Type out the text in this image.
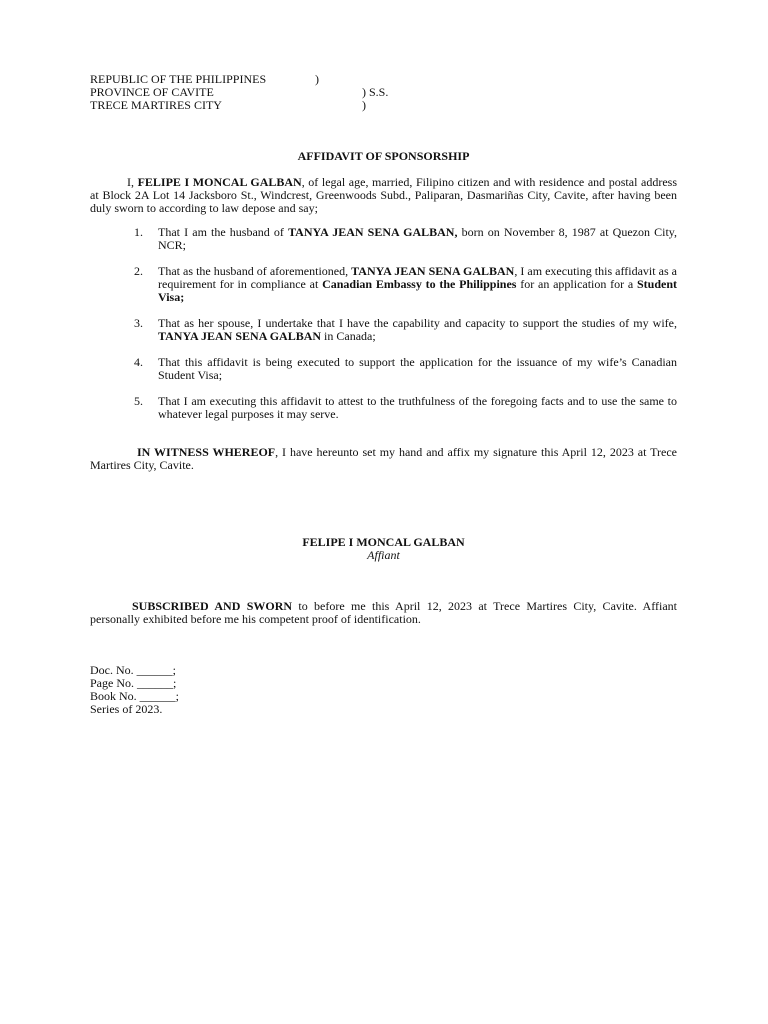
REPUBLIC OF THE PHILIPPINES	)
PROVINCE OF CAVITE	) S.S.
TRECE MARTIRES CITY	)
AFFIDAVIT OF SPONSORSHIP
I, FELIPE I MONCAL GALBAN, of legal age, married, Filipino citizen and with residence and postal address at Block 2A Lot 14 Jacksboro St., Windcrest, Greenwoods Subd., Paliparan, Dasmariñas City, Cavite, after having been duly sworn to according to law depose and say;
1. That I am the husband of TANYA JEAN SENA GALBAN, born on November 8, 1987 at Quezon City, NCR;
2. That as the husband of aforementioned, TANYA JEAN SENA GALBAN, I am executing this affidavit as a requirement for in compliance at Canadian Embassy to the Philippines for an application for a Student Visa;
3. That as her spouse, I undertake that I have the capability and capacity to support the studies of my wife, TANYA JEAN SENA GALBAN in Canada;
4. That this affidavit is being executed to support the application for the issuance of my wife’s Canadian Student Visa;
5. That I am executing this affidavit to attest to the truthfulness of the foregoing facts and to use the same to whatever legal purposes it may serve.
IN WITNESS WHEREOF, I have hereunto set my hand and affix my signature this April 12, 2023 at Trece Martires City, Cavite.
FELIPE I MONCAL GALBAN
Affiant
SUBSCRIBED AND SWORN to before me this April 12, 2023 at Trece Martires City, Cavite. Affiant personally exhibited before me his competent proof of identification.
Doc. No. ______;
Page No. ______;
Book No. ______;
Series of 2023.
